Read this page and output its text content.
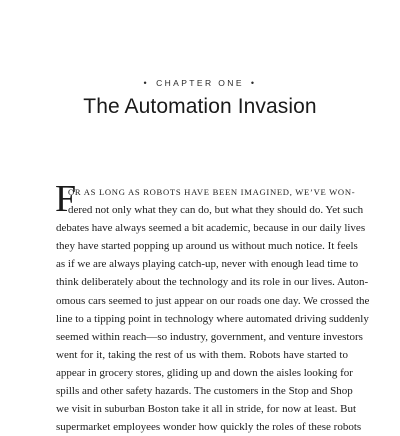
• CHAPTER ONE •
The Automation Invasion
F
OR AS LONG AS ROBOTS HAVE BEEN IMAGINED, WE’VE WON-
dered not only what they can do, but what they should do. Yet such
debates have always seemed a bit academic, because in our daily lives
they have started popping up around us without much notice. It feels
as if we are always playing catch-up, never with enough lead time to
think deliberately about the technology and its role in our lives. Auton-
omous cars seemed to just appear on our roads one day. We crossed the
line to a tipping point in technology where automated driving suddenly
seemed within reach—so industry, government, and venture investors
went for it, taking the rest of us with them. Robots have started to
appear in grocery stores, gliding up and down the aisles looking for
spills and other safety hazards. The customers in the Stop and Shop
we visit in suburban Boston take it all in stride, for now at least. But
supermarket employees wonder how quickly the roles of these robots
